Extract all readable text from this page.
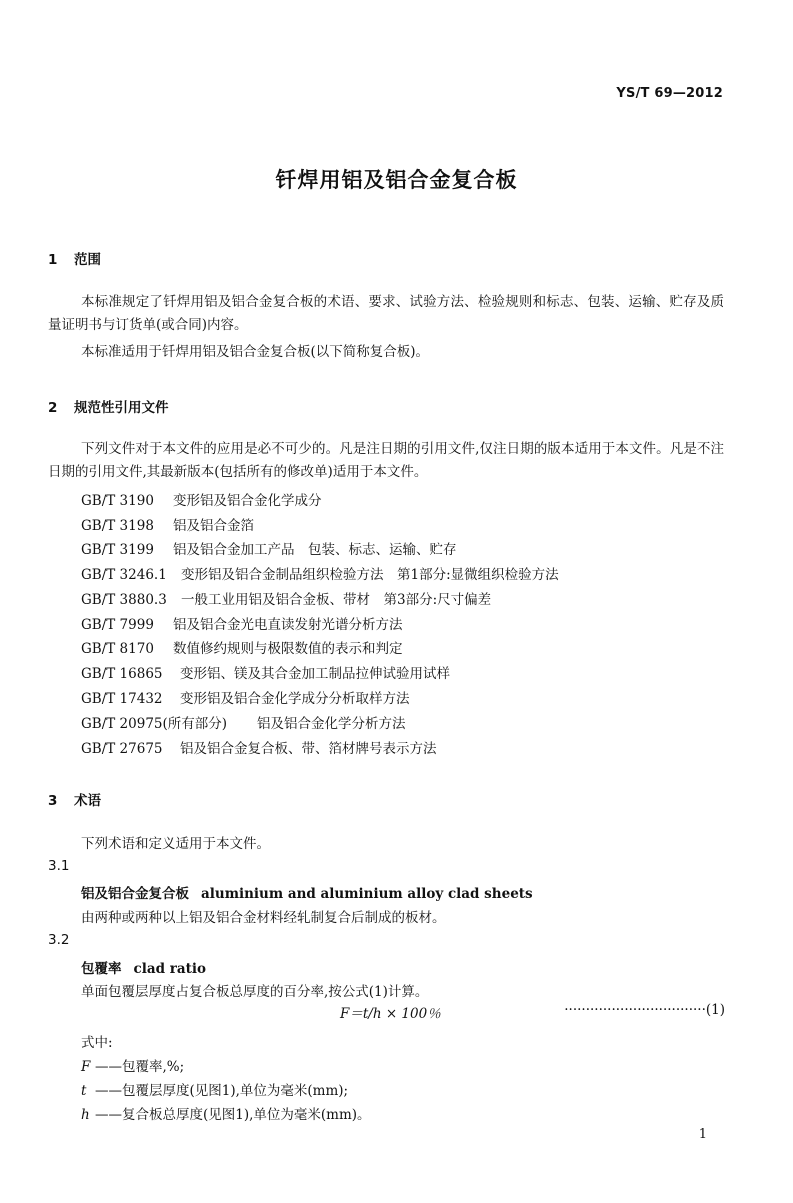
YS/T 69—2012
钎焊用铝及铝合金复合板
1 范围

本标准规定了钎焊用铝及铝合金复合板的术语、要求、试验方法、检验规则和标志、包装、运输、贮存及质量证明书与订货单(或合同)内容。

本标准适用于钎焊用铝及铝合金复合板(以下简称复合板)。

2 规范性引用文件

下列文件对于本文件的应用是必不可少的。凡是注日期的引用文件,仅注日期的版本适用于本文件。凡是不注日期的引用文件,其最新版本(包括所有的修改单)适用于本文件。

GB/T 3190 变形铝及铝合金化学成分
GB/T 3198 铝及铝合金箔
GB/T 3199 铝及铝合金加工产品　包装、标志、运输、贮存
GB/T 3246.1 变形铝及铝合金制品组织检验方法　第1部分:显微组织检验方法
GB/T 3880.3 一般工业用铝及铝合金板、带材　第3部分:尺寸偏差
GB/T 7999 铝及铝合金光电直读发射光谱分析方法
GB/T 8170 数值修约规则与极限数值的表示和判定
GB/T 16865 变形铝、镁及其合金加工制品拉伸试验用试样
GB/T 17432 变形铝及铝合金化学成分分析取样方法
GB/T 20975(所有部分) 铝及铝合金化学分析方法
GB/T 27675 铝及铝合金复合板、带、箔材牌号表示方法
3 术语
下列术语和定义适用于本文件。
3.1
铝及铝合金复合板 aluminium and aluminium alloy clad sheets
由两种或两种以上铝及铝合金材料经轧制复合后制成的板材。
3.2
包覆率 clad ratio
单面包覆层厚度占复合板总厚度的百分率,按公式(1)计算。
F＝t/h × 100％	·································(1)
式中:
F ——包覆率,%;
t ——包覆层厚度(见图1),单位为毫米(mm);
h ——复合板总厚度(见图1),单位为毫米(mm)。
1
